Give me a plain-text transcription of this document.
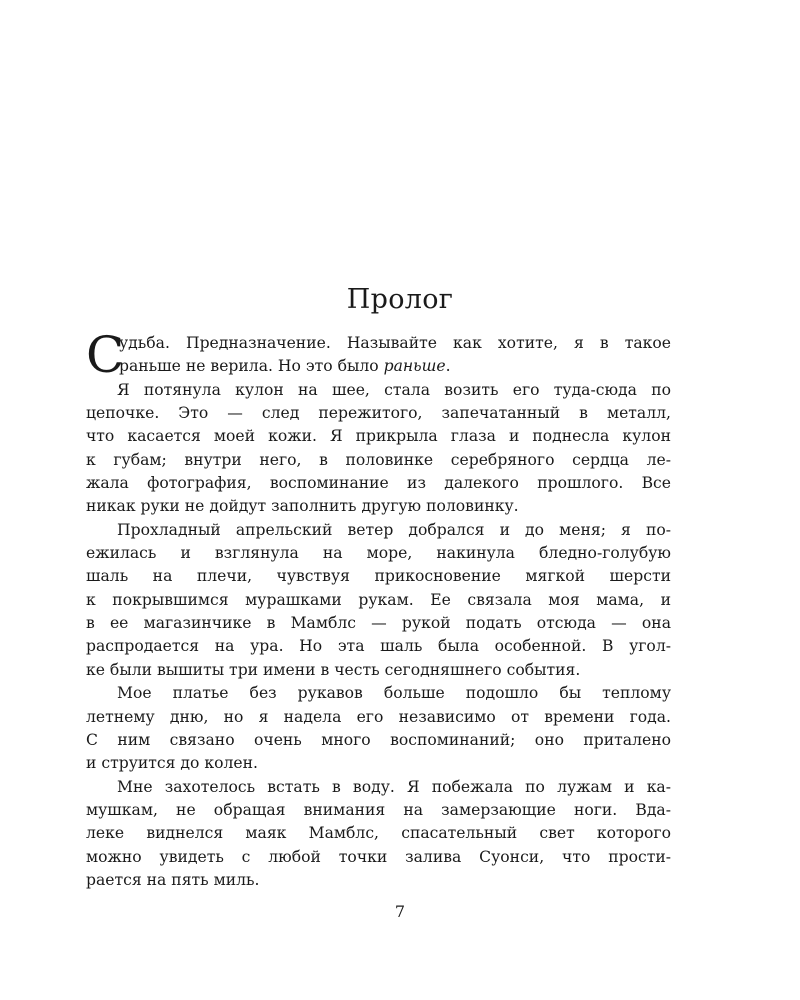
Пролог
С
удьба. Предназначение. Называйте как хотите, я в такое
раньше не верила. Но это было раньше.
Я потянула кулон на шее, стала возить его туда-сюда по
цепочке. Это — след пережитого, запечатанный в металл,
что касается моей кожи. Я прикрыла глаза и поднесла кулон
к губам; внутри него, в половинке серебряного сердца ле-
жала фотография, воспоминание из далекого прошлого. Все
никак руки не дойдут заполнить другую половинку.
Прохладный апрельский ветер добрался и до меня; я по-
ежилась и взглянула на море, накинула бледно-голубую
шаль на плечи, чувствуя прикосновение мягкой шерсти
к покрывшимся мурашками рукам. Ее связала моя мама, и
в ее магазинчике в Мамблс — рукой подать отсюда — она
распродается на ура. Но эта шаль была особенной. В угол-
ке были вышиты три имени в честь сегодняшнего события.
Мое платье без рукавов больше подошло бы теплому
летнему дню, но я надела его независимо от времени года.
С ним связано очень много воспоминаний; оно приталено
и струится до колен.
Мне захотелось встать в воду. Я побежала по лужам и ка-
мушкам, не обращая внимания на замерзающие ноги. Вда-
леке виднелся маяк Мамблс, спасательный свет которого
можно увидеть с любой точки залива Суонси, что прости-
рается на пять миль.

7
